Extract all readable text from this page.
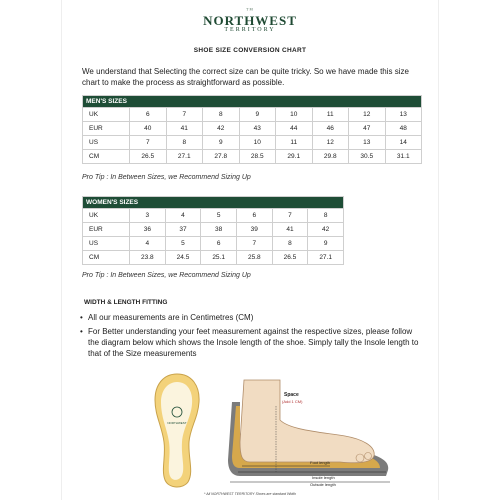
ᵀᴹ
NORTHWEST
TERRITORY
SHOE SIZE CONVERSION CHART
We understand that Selecting the correct size can be quite tricky. So we have made this size chart to make the process as straightforward as possible.
MEN'S SIZES								
UK	6	7	8	9	10	11	12	13
EUR	40	41	42	43	44	46	47	48
US	7	8	9	10	11	12	13	14
CM	26.5	27.1	27.8	28.5	29.1	29.8	30.5	31.1
Pro Tip : In Between Sizes, we Recommend Sizing Up
WOMEN'S SIZES						
UK	3	4	5	6	7	8
EUR	36	37	38	39	41	42
US	4	5	6	7	8	9
CM	23.8	24.5	25.1	25.8	26.5	27.1
Pro Tip : In Between Sizes, we Recommend Sizing Up
WIDTH & LENGTH FITTING
• All our measurements are in Centimetres (CM)
• For Better understanding your feet measurement against the respective sizes, please follow the diagram below which shows the Insole length of the shoe. Simply tally the Insole length to that of the Size measurements
NORTHWEST
Space
(Add 1 CM)
Foot length
Insole length
Outsole length
* All NORTHWEST TERRITORY Shoes are standard Width
